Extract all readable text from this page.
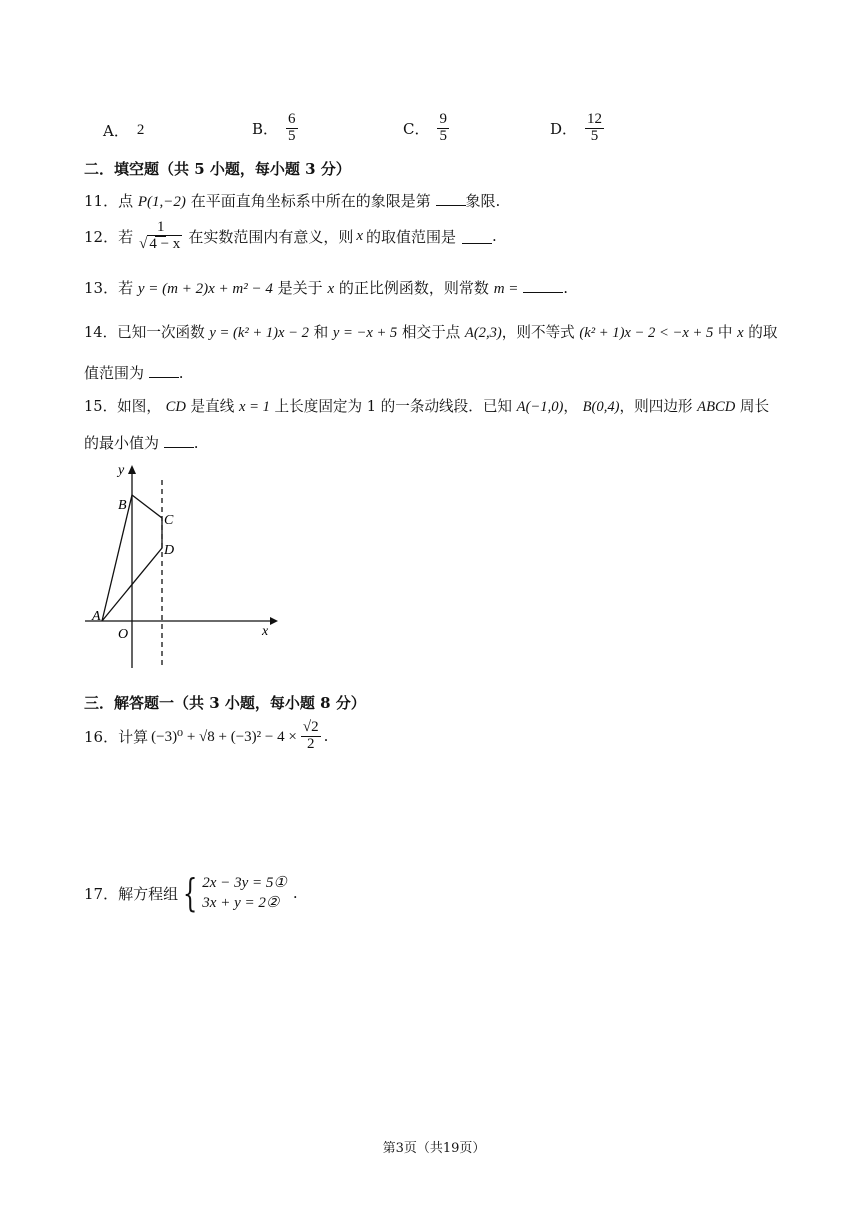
A． 2	B． $\frac{6}{5}$	C． $\frac{9}{5}$	D． $\frac{12}{5}$
二．填空题（共 5 小题，每小题 3 分）
11．点 P(1,−2) 在平面直角坐标系中所在的象限是第 象限.
12． 若 $\frac{1}{√ 4 - x}$ 在实数范围内有意义，则 x 的取值范围是 .
13．若 y = (m + 2)x + m² − 4 是关于 x 的正比例函数，则常数 m =	.
14．已知一次函数 y = (k² + 1)x − 2 和 y = −x + 5 相交于点 A(2,3)，则不等式 (k² + 1)x − 2 < −x + 5 中 x 的取
值范围为 .
15．如图， CD 是直线 x = 1 上长度固定为 1 的一条动线段．已知 A(−1,0)， B(0,4)，则四边形 ABCD 周长
的最小值为 .
y
x
O
A
B
C
D
三．解答题一（共 3 小题，每小题 8 分）
16． 计算 $(-3)^0 + √8 + (-3)^2 - 4 \times \frac{√2}{2}$ .
17． 解方程组 { 2x − 3y = 5①
3x + y = 2②
.
第3页（共19页）
